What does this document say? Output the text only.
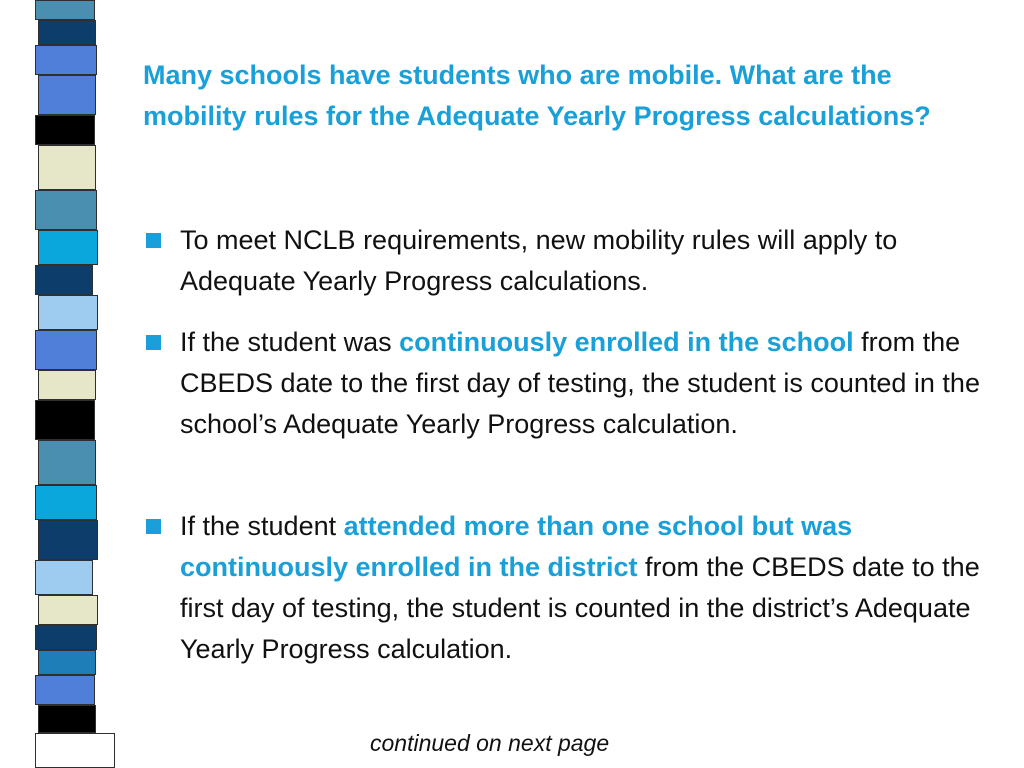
Many schools have students who are mobile. What are the mobility rules for the Adequate Yearly Progress calculations?
To meet NCLB requirements, new mobility rules will apply to Adequate Yearly Progress calculations.
If the student was continuously enrolled in the school from the CBEDS date to the first day of testing, the student is counted in the school’s Adequate Yearly Progress calculation.
If the student attended more than one school but was continuously enrolled in the district from the CBEDS date to the first day of testing, the student is counted in the district’s Adequate Yearly Progress calculation.
continued on next page
